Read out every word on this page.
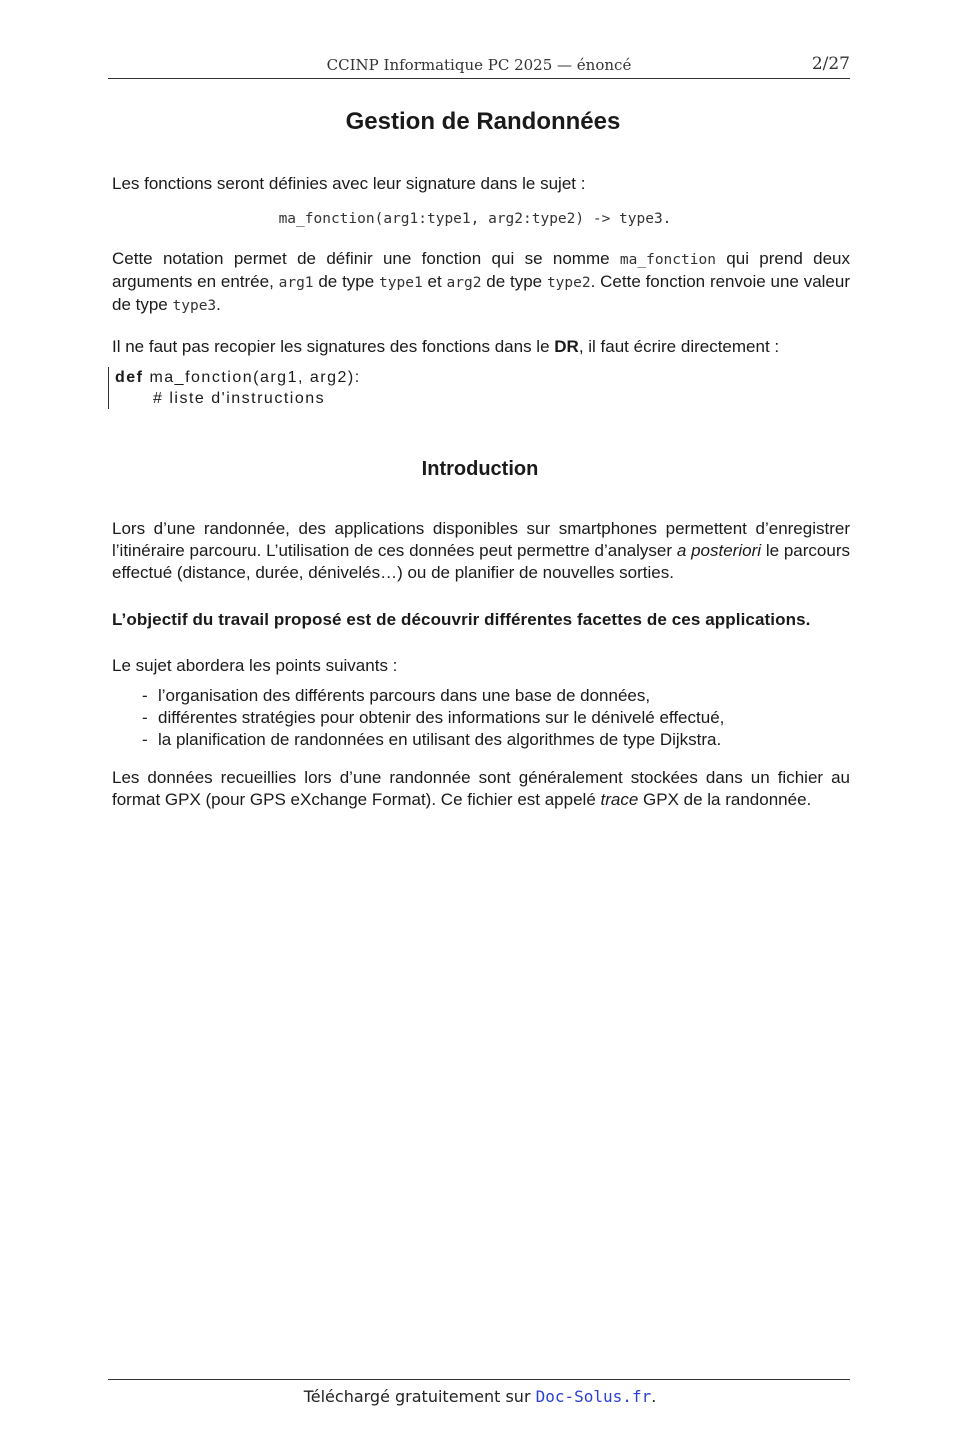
CCINP Informatique PC 2025 — énoncé	2/27
Gestion de Randonnées
Les fonctions seront définies avec leur signature dans le sujet :
ma_fonction(arg1:type1, arg2:type2) -> type3.
Cette notation permet de définir une fonction qui se nomme ma_fonction qui prend deux arguments en entrée, arg1 de type type1 et arg2 de type type2. Cette fonction renvoie une valeur de type type3.
Il ne faut pas recopier les signatures des fonctions dans le DR, il faut écrire directement :
def ma_fonction(arg1, arg2):
# liste d'instructions
Introduction
Lors d’une randonnée, des applications disponibles sur smartphones permettent d’enregistrer l’itinéraire parcouru. L’utilisation de ces données peut permettre d’analyser a posteriori le parcours effectué (distance, durée, dénivelés…) ou de planifier de nouvelles sorties.
L’objectif du travail proposé est de découvrir différentes facettes de ces applications.
Le sujet abordera les points suivants :
- l’organisation des différents parcours dans une base de données,
- différentes stratégies pour obtenir des informations sur le dénivelé effectué,
- la planification de randonnées en utilisant des algorithmes de type Dijkstra.
Les données recueillies lors d’une randonnée sont généralement stockées dans un fichier au format GPX (pour GPS eXchange Format). Ce fichier est appelé trace GPX de la randonnée.
Téléchargé gratuitement sur Doc-Solus.fr.
